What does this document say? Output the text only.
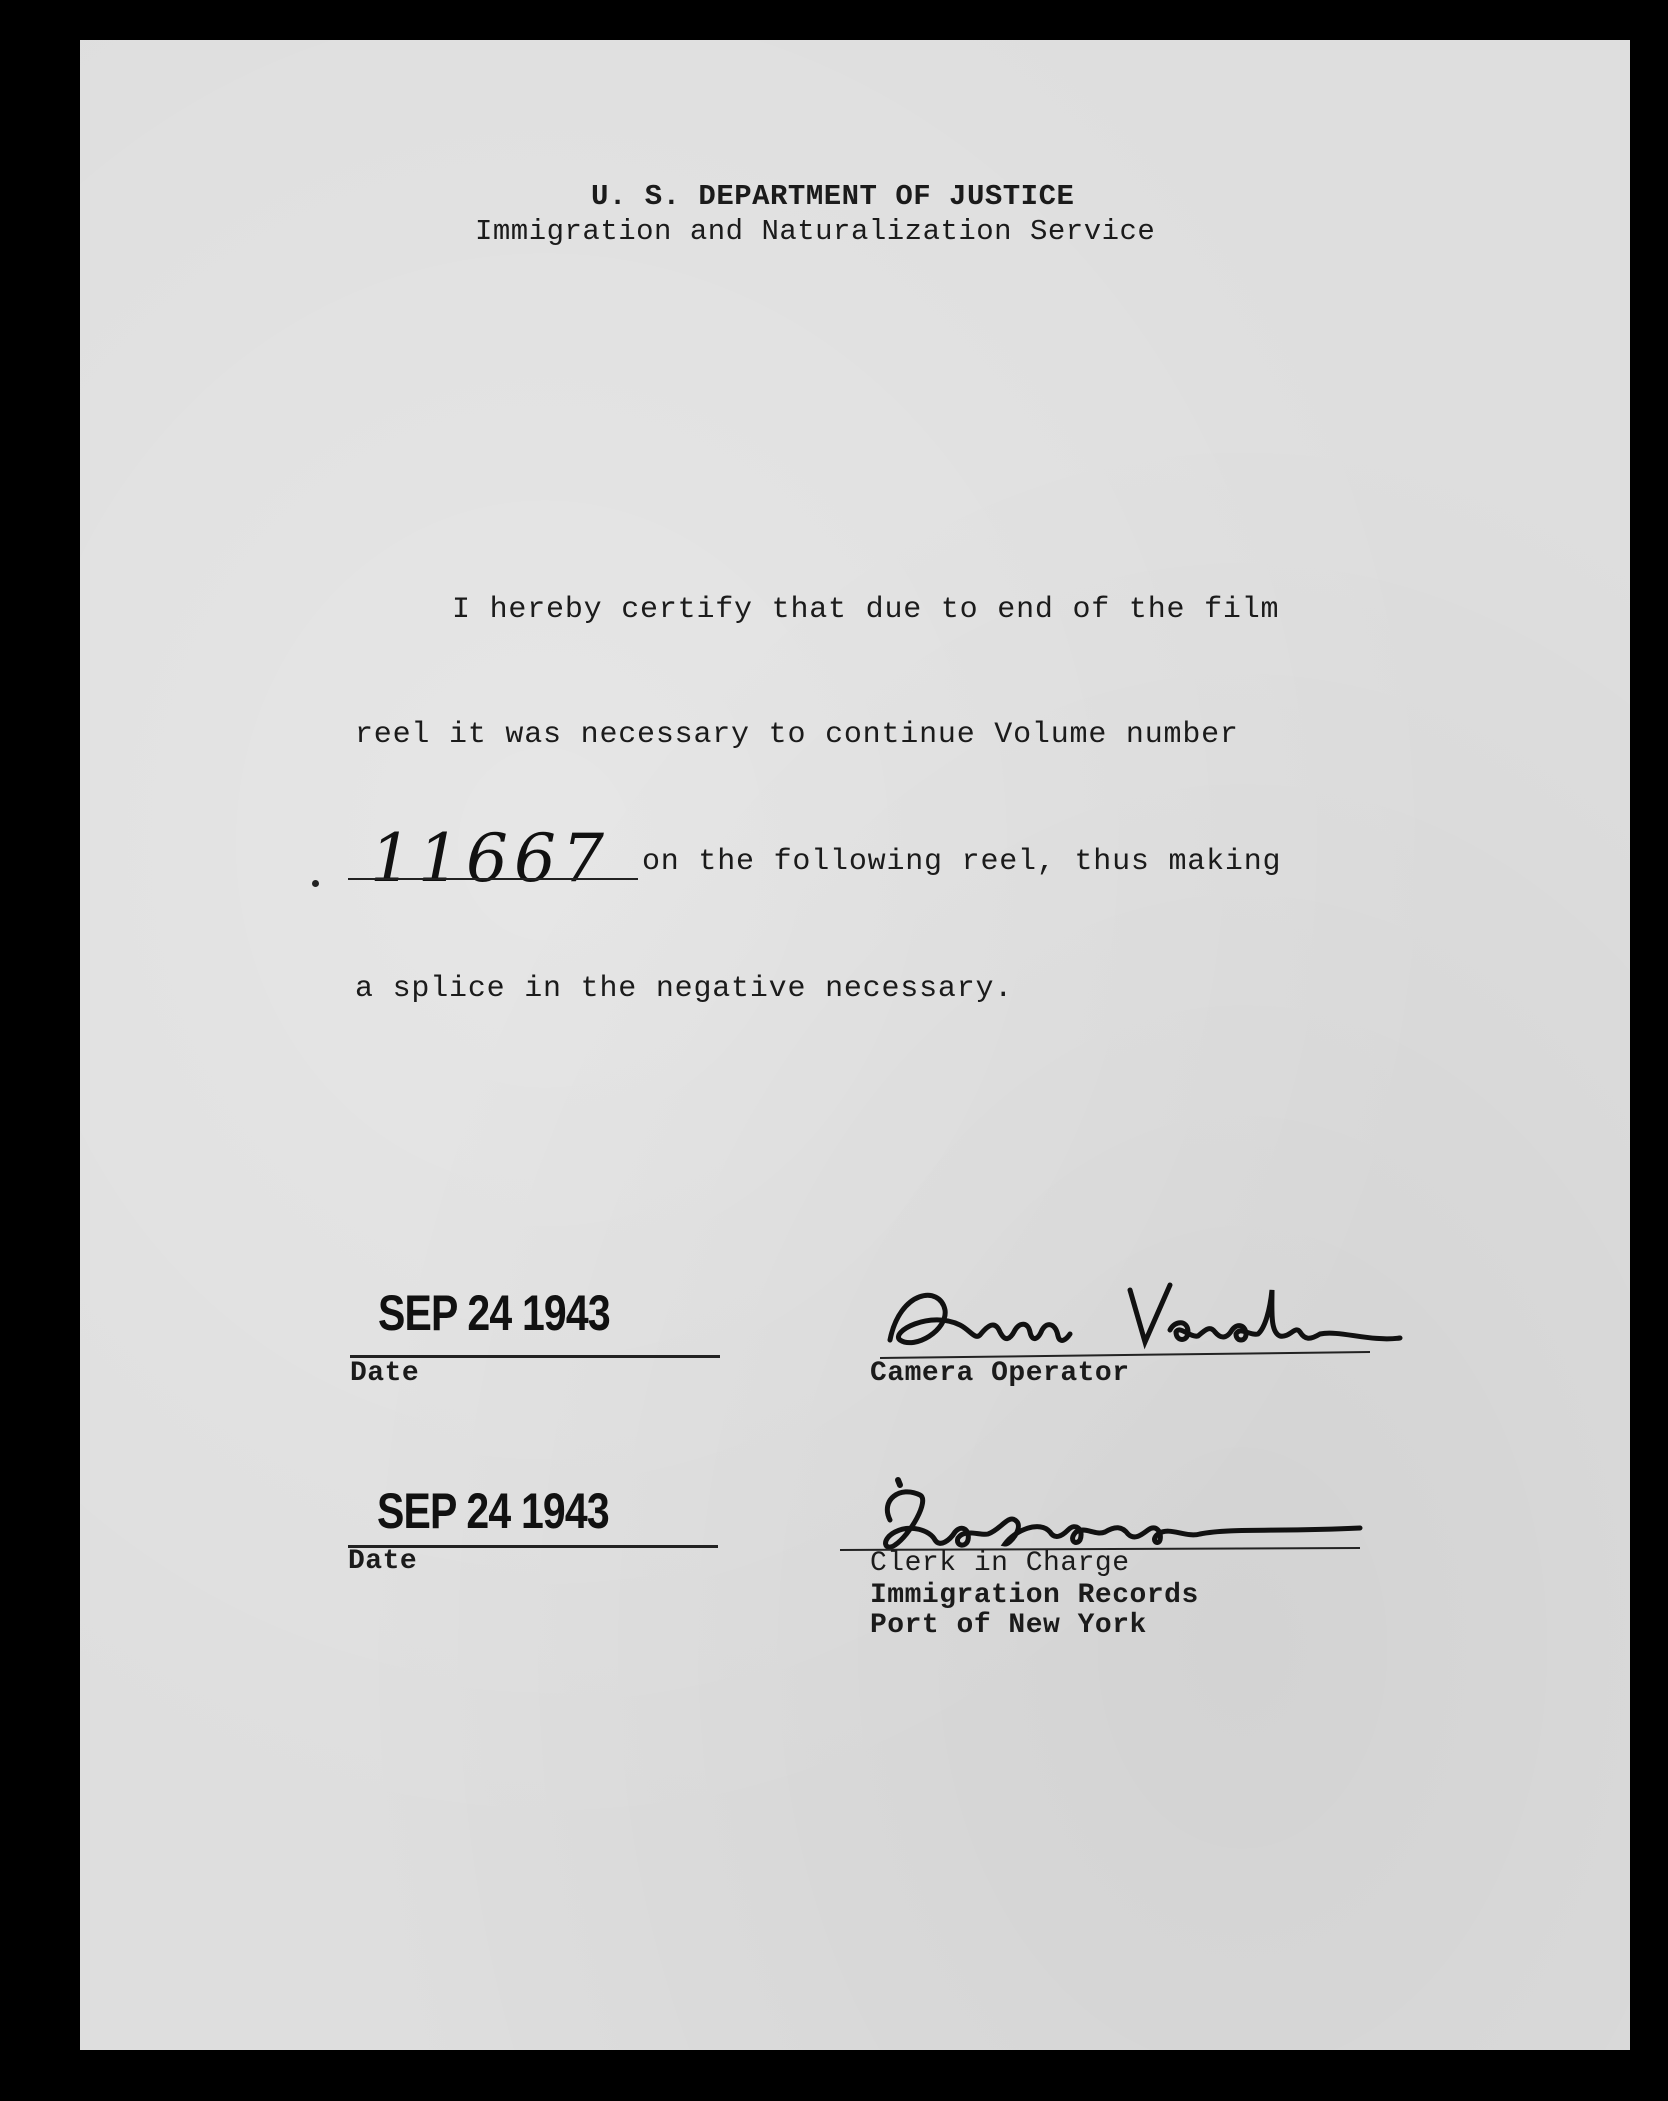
U. S. DEPARTMENT OF JUSTICE
Immigration and Naturalization Service
I hereby certify that due to end of the film
reel it was necessary to continue Volume number
11667 on the following reel, thus making
a splice in the negative necessary.
SEP 24 1943
Date	Camera Operator
SEP 24 1943
Date	Clerk in Charge
Immigration Records
Port of New York
